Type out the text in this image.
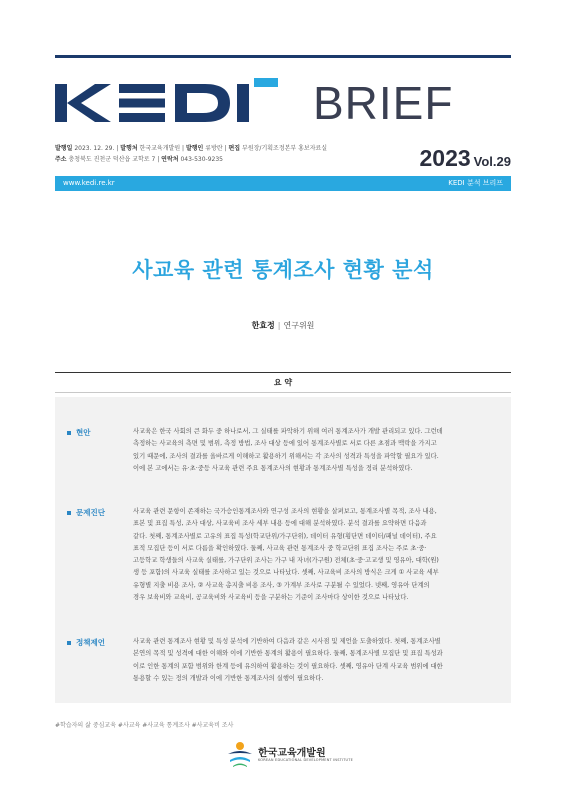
BRIEF
발행일 2023. 12. 29. | 발행처 한국교육개발원 | 발행인 류방란 | 편집 부원장/기획조정본부 홍보자료실
주소 충청북도 진천군 덕산읍 교학로 7 | 연락처 043-530-9235	2023 Vol.29
www.kedi.re.kr	KEDI 분석 브리프
사교육 관련 통계조사 현황 분석
한효정 | 연구위원
요 약
현안	사교육은 한국 사회의 큰 화두 중 하나로서, 그 실태를 파악하기 위해 여러 통계조사가 개발 관리되고 있다. 그런데
측정하는 사교육의 측면 및 범위, 측정 방법, 조사 대상 등에 있어 통계조사별로 서로 다른 초점과 맥락을 가지고
있기 때문에, 조사의 결과를 올바르게 이해하고 활용하기 위해서는 각 조사의 성격과 특성을 파악할 필요가 있다.
이에 본 고에서는 유·초·중등 사교육 관련 주요 통계조사의 현황과 통계조사별 특성을 정리 분석하였다.
문제진단	사교육 관련 문항이 존재하는 국가승인통계조사와 연구성 조사의 현황을 살펴보고, 통계조사별 목적, 조사 내용,
표본 및 표집 특성, 조사 대상, 사교육비 조사 세부 내용 등에 대해 분석하였다. 분석 결과를 요약하면 다음과
같다. 첫째, 통계조사별로 고유의 표집 특성(학교단위/가구단위), 데이터 유형(횡단면 데이터/패널 데이터), 주요
표적 모집단 등이 서로 다름을 확인하였다. 둘째, 사교육 관련 통계조사 중 학교단위 표집 조사는 주로 초·중·
고등학교 학생들의 사교육 실태를, 가구단위 조사는 가구 내 자녀(가구원) 전체(초·중·고교생 및 영유아, 대학(원)
생 등 포함)의 사교육 실태를 조사하고 있는 것으로 나타났다. 셋째, 사교육비 조사의 방식은 크게 ① 사교육 세부
유형별 지출 비용 조사, ② 사교육 총지출 비용 조사, ③ 가계부 조사로 구분될 수 있었다. 넷째, 영유아 단계의
경우 보육비와 교육비, 공교육비와 사교육비 등을 구분하는 기준이 조사마다 상이한 것으로 나타났다.
정책제언	사교육 관련 통계조사 현황 및 특성 분석에 기반하여 다음과 같은 시사점 및 제언을 도출하였다. 첫째, 통계조사별
본연의 목적 및 성격에 대한 이해와 이에 기반한 통계의 활용이 필요하다. 둘째, 통계조사별 모집단 및 표집 특성과
이로 인한 통계의 포함 범위와 한계 등에 유의하여 활용하는 것이 필요하다. 셋째, 영유아 단계 사교육 범위에 대한
통용할 수 있는 정의 개발과 이에 기반한 통계조사의 실행이 필요하다.
#학습자의 삶 중심교육 #사교육 #사교육 통계조사 #사교육비 조사
한국교육개발원
KOREAN EDUCATIONAL DEVELOPMENT INSTITUTE
